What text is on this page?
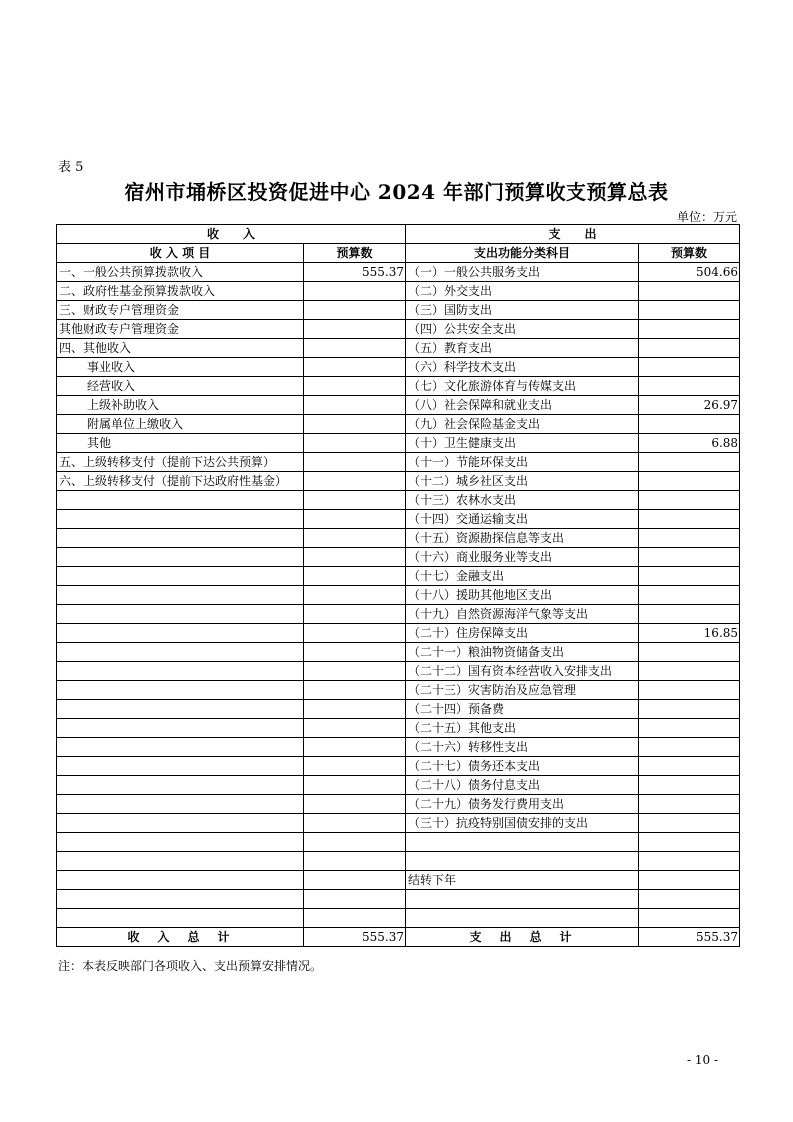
表 5
宿州市埇桥区投资促进中心 2024 年部门预算收支预算总表
单位：万元
收　　入		支　　出	
收 入 项 目	预算数	支出功能分类科目	预算数
一、一般公共预算拨款收入	555.37	（一）一般公共服务支出	504.66
二、政府性基金预算拨款收入		（二）外交支出	
三、财政专户管理资金		（三）国防支出	
其他财政专户管理资金		（四）公共安全支出	
四、其他收入		（五）教育支出	
事业收入		（六）科学技术支出	
经营收入		（七）文化旅游体育与传媒支出	
上级补助收入		（八）社会保障和就业支出	26.97
附属单位上缴收入		（九）社会保险基金支出	
其他		（十）卫生健康支出	6.88
五、上级转移支付（提前下达公共预算）		（十一）节能环保支出	
六、上级转移支付（提前下达政府性基金）		（十二）城乡社区支出	
		（十三）农林水支出	
		（十四）交通运输支出	
		（十五）资源勘探信息等支出	
		（十六）商业服务业等支出	
		（十七）金融支出	
		（十八）援助其他地区支出	
		（十九）自然资源海洋气象等支出	
		（二十）住房保障支出	16.85
		（二十一）粮油物资储备支出	
		（二十二）国有资本经营收入安排支出	
		（二十三）灾害防治及应急管理	
		（二十四）预备费	
		（二十五）其他支出	
		（二十六）转移性支出	
		（二十七）债务还本支出	
		（二十八）债务付息支出	
		（二十九）债务发行费用支出	
		（三十）抗疫特别国债安排的支出	

		结转下年	

收　入　总　计	555.37	支　出　总　计	555.37
注：本表反映部门各项收入、支出预算安排情况。
- 10 -
